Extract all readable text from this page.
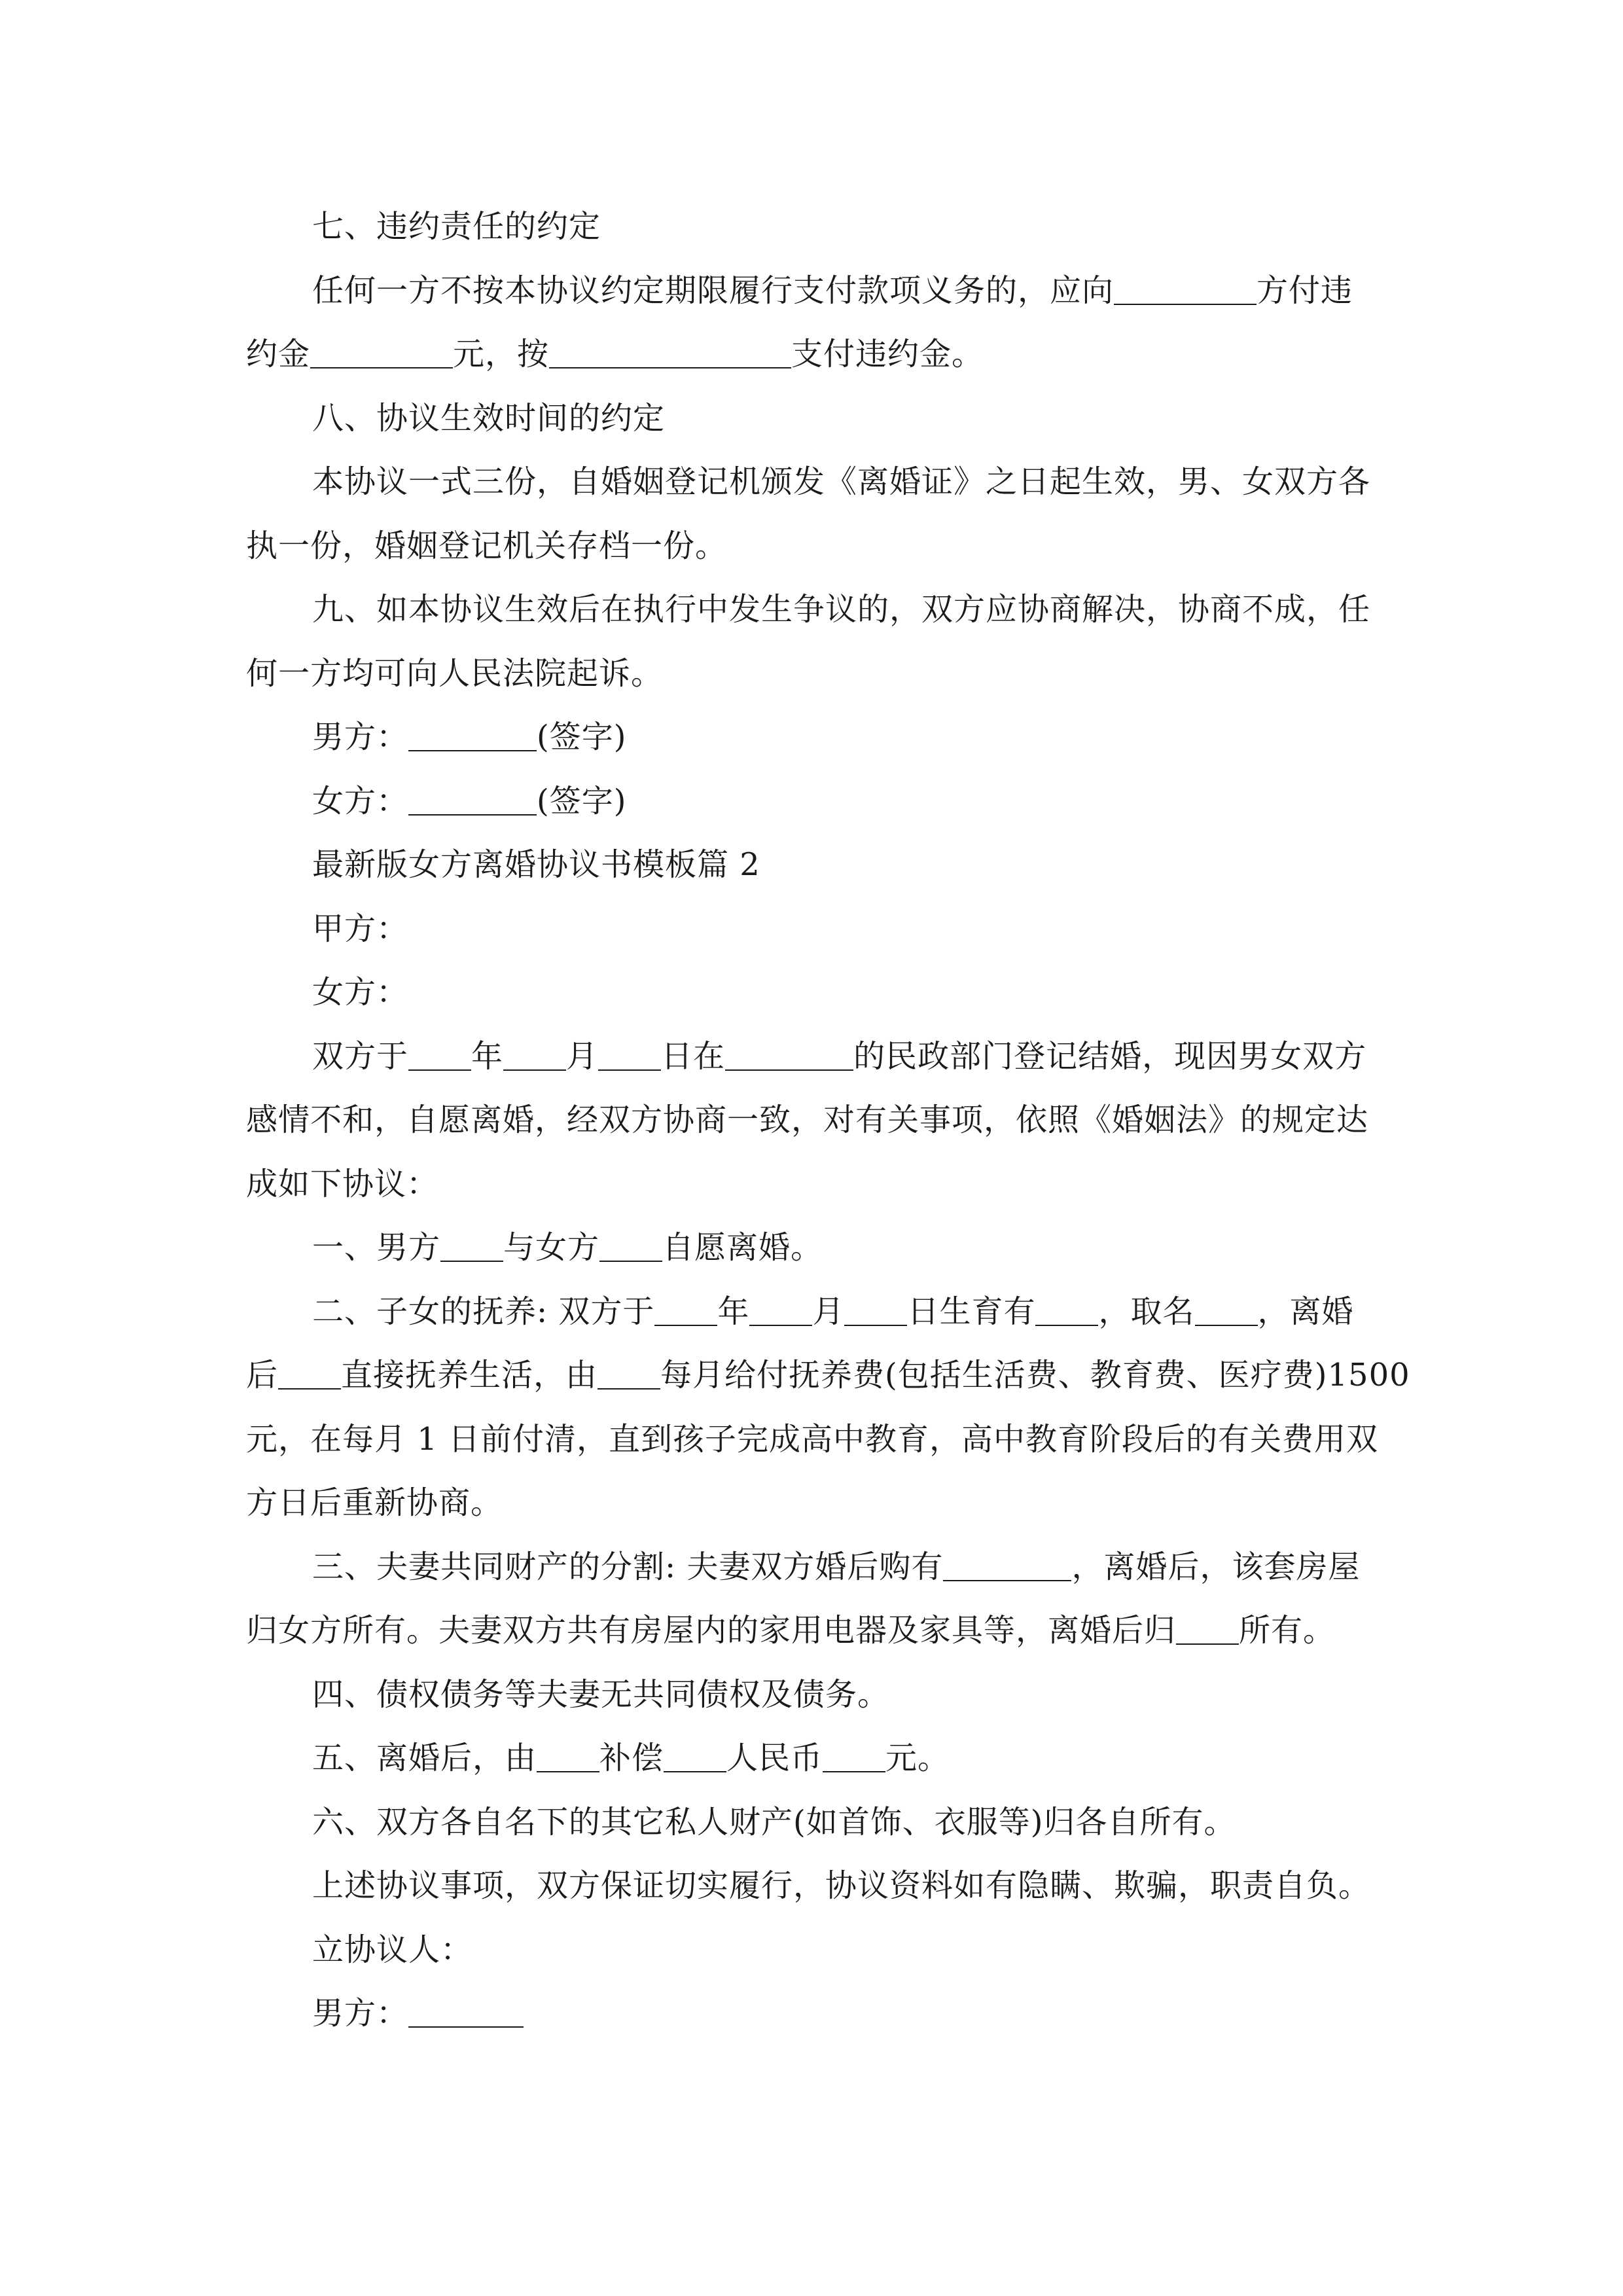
七、违约责任的约定
任何一方不按本协议约定期限履行支付款项义务的，应向	方付违
约金	元，按	支付违约金。
八、协议生效时间的约定
本协议一式三份，自婚姻登记机颁发《离婚证》之日起生效，男、女双方各
执一份，婚姻登记机关存档一份。
九、如本协议生效后在执行中发生争议的，双方应协商解决，协商不成，任
何一方均可向人民法院起诉。
男方：	(签字)
女方：	(签字)
最新版女方离婚协议书模板篇 2
甲方：
女方：
双方于 年 月 日在	的民政部门登记结婚，现因男女双方
感情不和，自愿离婚，经双方协商一致，对有关事项，依照《婚姻法》的规定达
成如下协议：
一、男方 与女方 自愿离婚。
二、子女的抚养: 双方于 年 月 日生育有 ，取名 ，离婚
后 直接抚养生活，由 每月给付抚养费(包括生活费、教育费、医疗费)1500
元，在每月 1 日前付清，直到孩子完成高中教育，高中教育阶段后的有关费用双
方日后重新协商。
三、夫妻共同财产的分割: 夫妻双方婚后购有	，离婚后，该套房屋
归女方所有。夫妻双方共有房屋内的家用电器及家具等，离婚后归 所有。
四、债权债务等夫妻无共同债权及债务。
五、离婚后，由 补偿 人民币 元。
六、双方各自名下的其它私人财产(如首饰、衣服等)归各自所有。
上述协议事项，双方保证切实履行，协议资料如有隐瞒、欺骗，职责自负。
立协议人：
男方：
